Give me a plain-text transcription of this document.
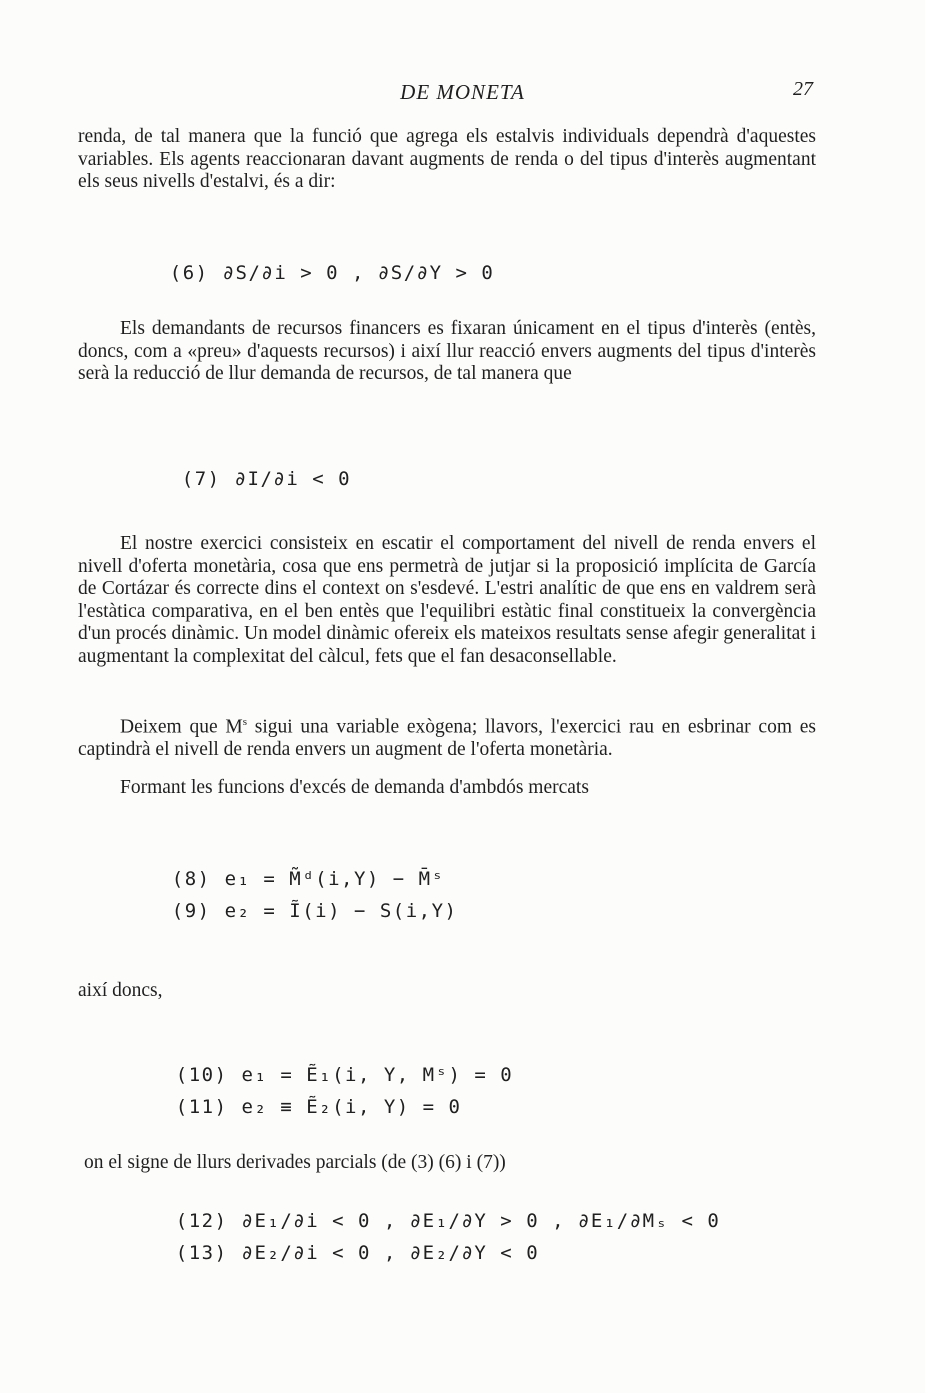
DE MONETA	27

renda, de tal manera que la funció que agrega els estalvis individuals dependrà d'aquestes variables. Els agents reaccionaran davant augments de renda o del tipus d'interès augmentant els seus nivells d'estalvi, és a dir:

(6) ∂S/∂i > 0 , ∂S/∂Y > 0

Els demandants de recursos financers es fixaran únicament en el tipus d'interès (entès, doncs, com a «preu» d'aquests recursos) i així llur reacció envers augments del tipus d'interès serà la reducció de llur demanda de recursos, de tal manera que

(7) ∂I/∂i < 0

El nostre exercici consisteix en escatir el comportament del nivell de renda envers el nivell d'oferta monetària, cosa que ens permetrà de jutjar si la proposició implícita de García de Cortázar és correcte dins el context on s'esdevé. L'estri analític de que ens en valdrem serà l'estàtica comparativa, en el ben entès que l'equilibri estàtic final constitueix la convergència d'un procés dinàmic. Un model dinàmic ofereix els mateixos resultats sense afegir generalitat i augmentant la complexitat del càlcul, fets que el fan desaconsellable.

Deixem que $M^s$ sigui una variable exògena; llavors, l'exercici rau en esbrinar com es captindrà el nivell de renda envers un augment de l'oferta monetària.

Formant les funcions d'excés de demanda d'ambdós mercats

(8) e₁ = M̃ᵈ(i,Y) − M̄ˢ

(9) e₂ = Ĩ(i) − S(i,Y)

així doncs,

(10) e₁ = Ẽ₁(i, Y, Mˢ) = 0

(11) e₂ ≡ Ẽ₂(i, Y) = 0

on el signe de llurs derivades parcials (de (3) (6) i (7))

(12) ∂E₁/∂i < 0 , ∂E₁/∂Y > 0 , ∂E₁/∂Mₛ < 0

(13) ∂E₂/∂i < 0 , ∂E₂/∂Y < 0
